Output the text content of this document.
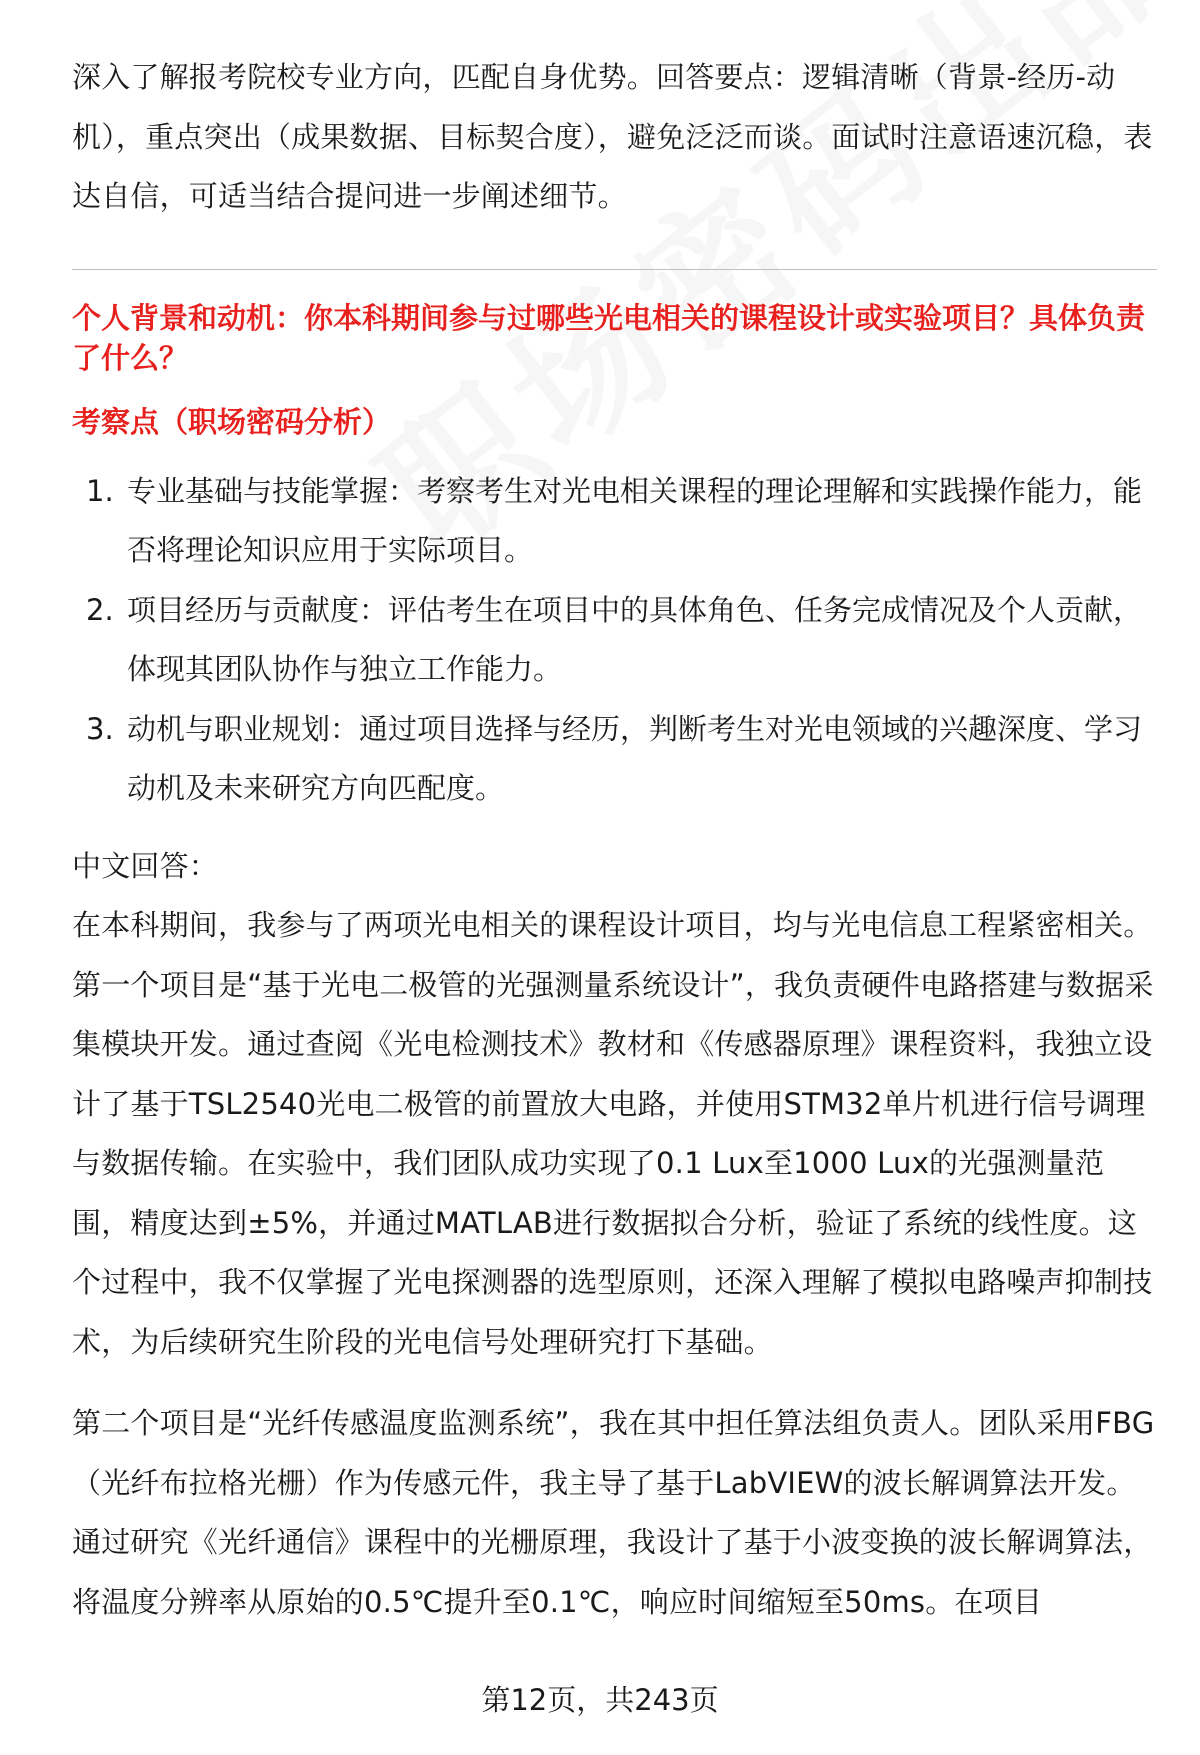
深入了解报考院校专业方向，匹配自身优势。回答要点：逻辑清晰（背景-经历-动机），重点突出（成果数据、目标契合度），避免泛泛而谈。面试时注意语速沉稳，表达自信，可适当结合提问进一步阐述细节。

个人背景和动机：你本科期间参与过哪些光电相关的课程设计或实验项目？具体负责了什么？

考察点（职场密码分析）

1. 专业基础与技能掌握：考察考生对光电相关课程的理论理解和实践操作能力，能否将理论知识应用于实际项目。
2. 项目经历与贡献度：评估考生在项目中的具体角色、任务完成情况及个人贡献，体现其团队协作与独立工作能力。
3. 动机与职业规划：通过项目选择与经历，判断考生对光电领域的兴趣深度、学习动机及未来研究方向匹配度。

中文回答：

在本科期间，我参与了两项光电相关的课程设计项目，均与光电信息工程紧密相关。第一个项目是“基于光电二极管的光强测量系统设计”，我负责硬件电路搭建与数据采集模块开发。通过查阅《光电检测技术》教材和《传感器原理》课程资料，我独立设计了基于TSL2540光电二极管的前置放大电路，并使用STM32单片机进行信号调理与数据传输。在实验中，我们团队成功实现了0.1 Lux至1000 Lux的光强测量范围，精度达到±5%，并通过MATLAB进行数据拟合分析，验证了系统的线性度。这个过程中，我不仅掌握了光电探测器的选型原则，还深入理解了模拟电路噪声抑制技术，为后续研究生阶段的光电信号处理研究打下基础。

第二个项目是“光纤传感温度监测系统”，我在其中担任算法组负责人。团队采用FBG（光纤布拉格光栅）作为传感元件，我主导了基于LabVIEW的波长解调算法开发。通过研究《光纤通信》课程中的光栅原理，我设计了基于小波变换的波长解调算法，将温度分辨率从原始的0.5℃提升至0.1℃，响应时间缩短至50ms。在项目

第12页，共243页
